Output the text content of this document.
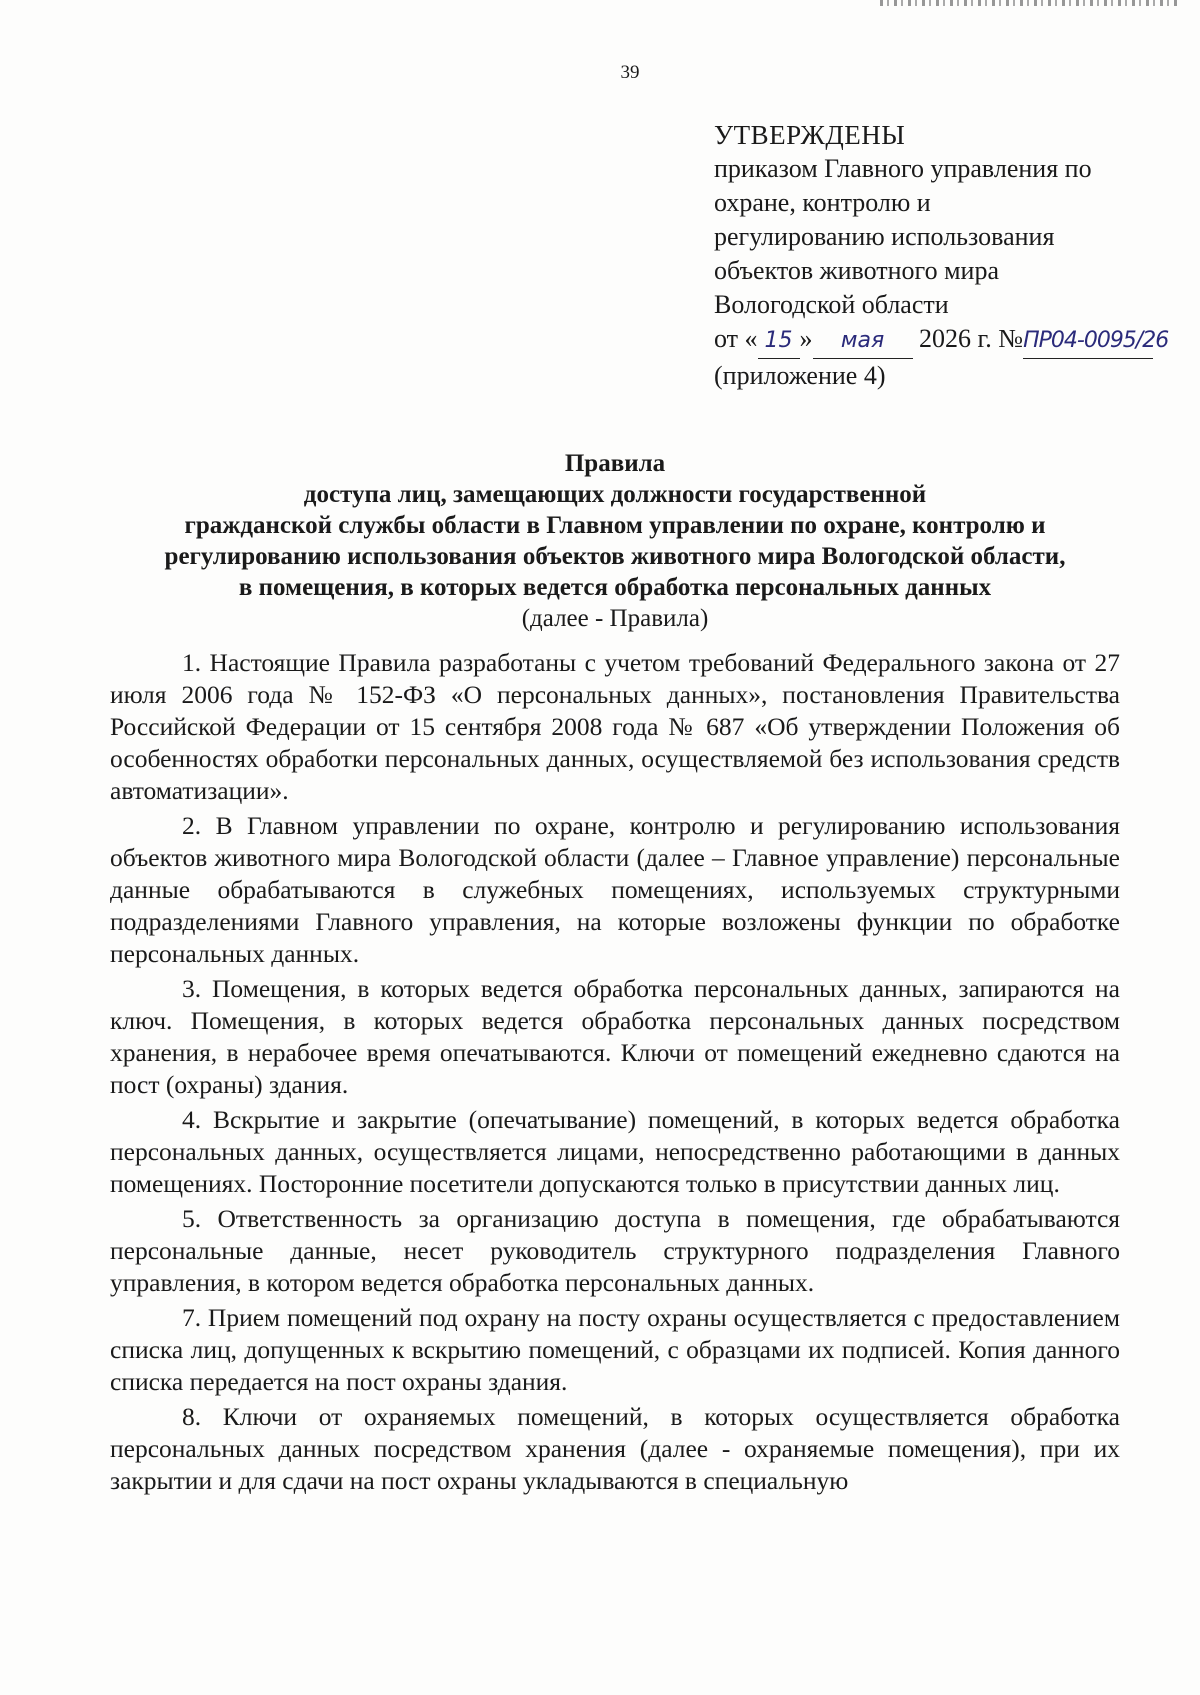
39
УТВЕРЖДЕНЫ
приказом Главного управления по
охране, контролю и
регулированию использования
объектов животного мира
Вологодской области
от « 15 » мая 2026 г. №ПР04-0095/26
(приложение 4)
Правила
доступа лиц, замещающих должности государственной
гражданской службы области в Главном управлении по охране, контролю и
регулированию использования объектов животного мира Вологодской области,
в помещения, в которых ведется обработка персональных данных
(далее - Правила)

1. Настоящие Правила разработаны с учетом требований Федерального закона от 27 июля 2006 года № 152-ФЗ «О персональных данных», постановления Правительства Российской Федерации от 15 сентября 2008 года № 687 «Об утверждении Положения об особенностях обработки персональных данных, осуществляемой без использования средств автоматизации».

2. В Главном управлении по охране, контролю и регулированию использования объектов животного мира Вологодской области (далее – Главное управление) персональные данные обрабатываются в служебных помещениях, используемых структурными подразделениями Главного управления, на которые возложены функции по обработке персональных данных.

3. Помещения, в которых ведется обработка персональных данных, запираются на ключ. Помещения, в которых ведется обработка персональных данных посредством хранения, в нерабочее время опечатываются. Ключи от помещений ежедневно сдаются на пост (охраны) здания.

4. Вскрытие и закрытие (опечатывание) помещений, в которых ведется обработка персональных данных, осуществляется лицами, непосредственно работающими в данных помещениях. Посторонние посетители допускаются только в присутствии данных лиц.

5. Ответственность за организацию доступа в помещения, где обрабатываются персональные данные, несет руководитель структурного подразделения Главного управления, в котором ведется обработка персональных данных.

7. Прием помещений под охрану на посту охраны осуществляется с предоставлением списка лиц, допущенных к вскрытию помещений, с образцами их подписей. Копия данного списка передается на пост охраны здания.

8. Ключи от охраняемых помещений, в которых осуществляется обработка персональных данных посредством хранения (далее - охраняемые помещения), при их закрытии и для сдачи на пост охраны укладываются в специальную
